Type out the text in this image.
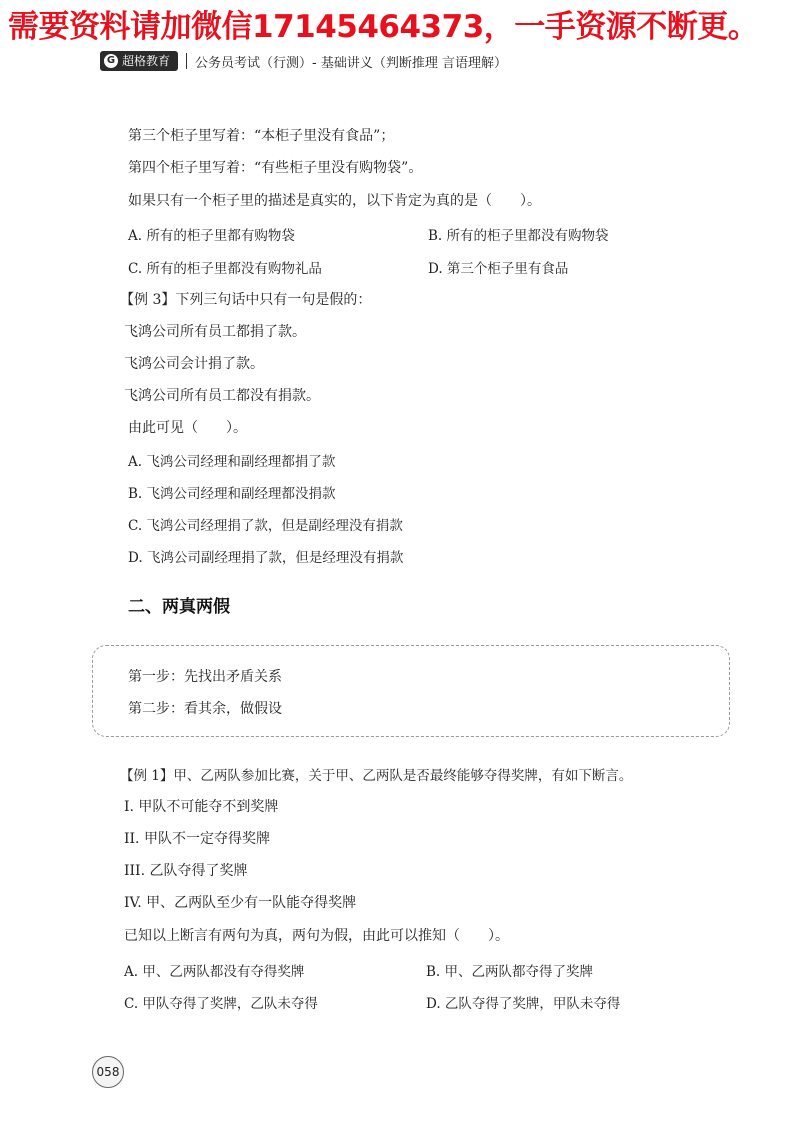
需要资料请加微信17145464373，一手资源不断更。
G 超格教育 公务员考试（行测）- 基础讲义（判断推理 言语理解）
第三个柜子里写着：“本柜子里没有食品”；
第四个柜子里写着：“有些柜子里没有购物袋”。
如果只有一个柜子里的描述是真实的，以下肯定为真的是（　　）。
A. 所有的柜子里都有购物袋	B. 所有的柜子里都没有购物袋
C. 所有的柜子里都没有购物礼品	D. 第三个柜子里有食品
【例 3】下列三句话中只有一句是假的：
飞鸿公司所有员工都捐了款。
飞鸿公司会计捐了款。
飞鸿公司所有员工都没有捐款。
由此可见（　　）。
A. 飞鸿公司经理和副经理都捐了款
B. 飞鸿公司经理和副经理都没捐款
C. 飞鸿公司经理捐了款，但是副经理没有捐款
D. 飞鸿公司副经理捐了款，但是经理没有捐款
二、两真两假
第一步：先找出矛盾关系
第二步：看其余，做假设
【例 1】甲、乙两队参加比赛，关于甲、乙两队是否最终能够夺得奖牌，有如下断言。
I. 甲队不可能夺不到奖牌
II. 甲队不一定夺得奖牌
III. 乙队夺得了奖牌
IV. 甲、乙两队至少有一队能夺得奖牌
已知以上断言有两句为真，两句为假，由此可以推知（　　）。
A. 甲、乙两队都没有夺得奖牌	B. 甲、乙两队都夺得了奖牌
C. 甲队夺得了奖牌，乙队未夺得	D. 乙队夺得了奖牌，甲队未夺得
058
